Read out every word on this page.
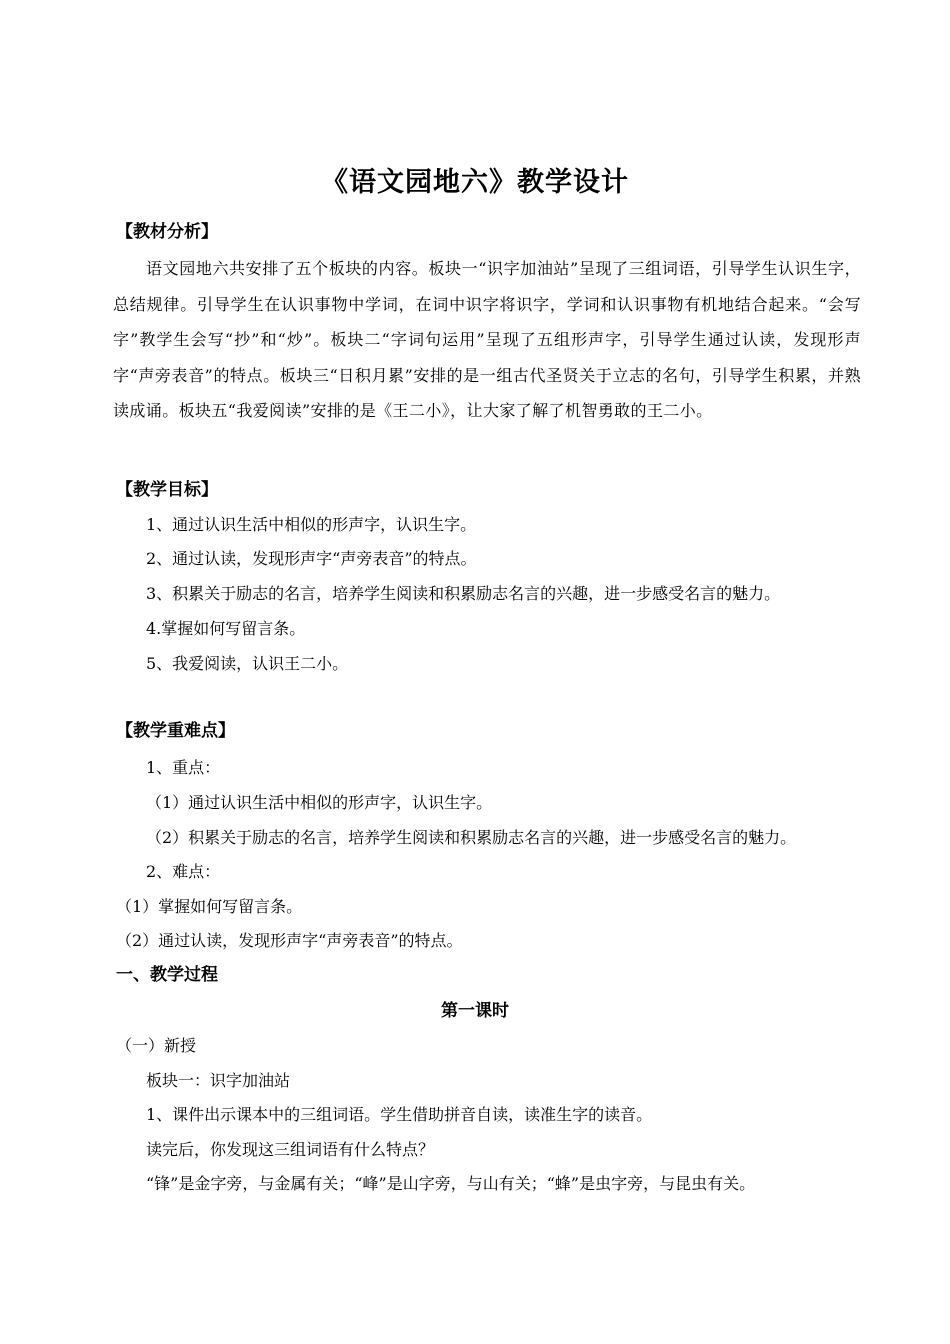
《语文园地六》教学设计
【教材分析】
语文园地六共安排了五个板块的内容。板块一“识字加油站”呈现了三组词语，引导学生认识生字，总结规律。引导学生在认识事物中学词，在词中识字将识字，学词和认识事物有机地结合起来。“会写字”教学生会写“抄”和“炒”。板块二“字词句运用”呈现了五组形声字，引导学生通过认读，发现形声字“声旁表音”的特点。板块三“日积月累”安排的是一组古代圣贤关于立志的名句，引导学生积累，并熟读成诵。板块五“我爱阅读”安排的是《王二小》，让大家了解了机智勇敢的王二小。
【教学目标】
1、通过认识生活中相似的形声字，认识生字。
2、通过认读，发现形声字“声旁表音”的特点。
3、积累关于励志的名言，培养学生阅读和积累励志名言的兴趣，进一步感受名言的魅力。
4.掌握如何写留言条。
5、我爱阅读，认识王二小。
【教学重难点】
1、重点：
（1）通过认识生活中相似的形声字，认识生字。
（2）积累关于励志的名言，培养学生阅读和积累励志名言的兴趣，进一步感受名言的魅力。
2、难点：
（1）掌握如何写留言条。
（2）通过认读，发现形声字“声旁表音”的特点。
一、教学过程
第一课时
（一）新授
板块一：识字加油站
1、课件出示课本中的三组词语。学生借助拼音自读，读准生字的读音。
读完后，你发现这三组词语有什么特点？
“锋”是金字旁，与金属有关；“峰”是山字旁，与山有关；“蜂”是虫字旁，与昆虫有关。
